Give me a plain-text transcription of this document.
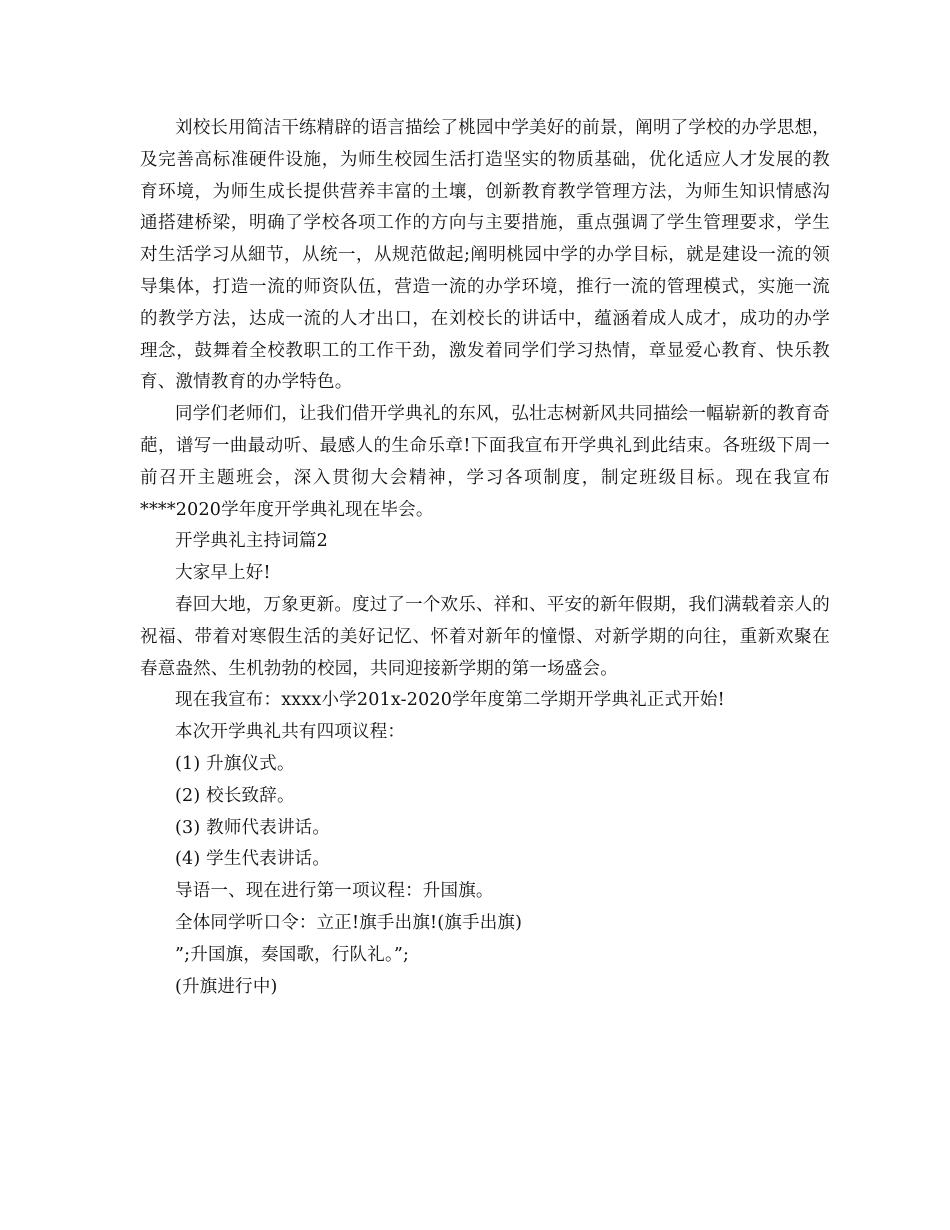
刘校长用简洁干练精辟的语言描绘了桃园中学美好的前景，阐明了学校的办学思想，及完善高标准硬件设施，为师生校园生活打造坚实的物质基础，优化适应人才发展的教育环境，为师生成长提供营养丰富的土壤，创新教育教学管理方法，为师生知识情感沟通搭建桥梁，明确了学校各项工作的方向与主要措施，重点强调了学生管理要求，学生对生活学习从細节，从统一，从规范做起;阐明桃园中学的办学目标，就是建设一流的领导集体，打造一流的师资队伍，营造一流的办学环境，推行一流的管理模式，实施一流的教学方法，达成一流的人才出口，在刘校长的讲话中，蕴涵着成人成才，成功的办学理念，鼓舞着全校教职工的工作干劲，激发着同学们学习热情，章显爱心教育、快乐教育、激情教育的办学特色。

同学们老师们，让我们借开学典礼的东风，弘壮志树新风共同描绘一幅崭新的教育奇葩，谱写一曲最动听、最感人的生命乐章!下面我宣布开学典礼到此结束。各班级下周一前召开主题班会，深入贯彻大会精神，学习各项制度，制定班级目标。现在我宣布****2020学年度开学典礼现在毕会。

开学典礼主持词篇2

大家早上好!

春回大地，万象更新。度过了一个欢乐、祥和、平安的新年假期，我们满载着亲人的祝福、带着对寒假生活的美好记忆、怀着对新年的憧憬、对新学期的向往，重新欢聚在春意盎然、生机勃勃的校园，共同迎接新学期的第一场盛会。

现在我宣布：xxxx小学201x-2020学年度第二学期开学典礼正式开始!

本次开学典礼共有四项议程：

(1) 升旗仪式。

(2) 校长致辞。

(3) 教师代表讲话。

(4) 学生代表讲话。

导语一、现在进行第一项议程：升国旗。

全体同学听口令：立正!旗手出旗!(旗手出旗)

”;升国旗，奏国歌，行队礼。”;

(升旗进行中)
